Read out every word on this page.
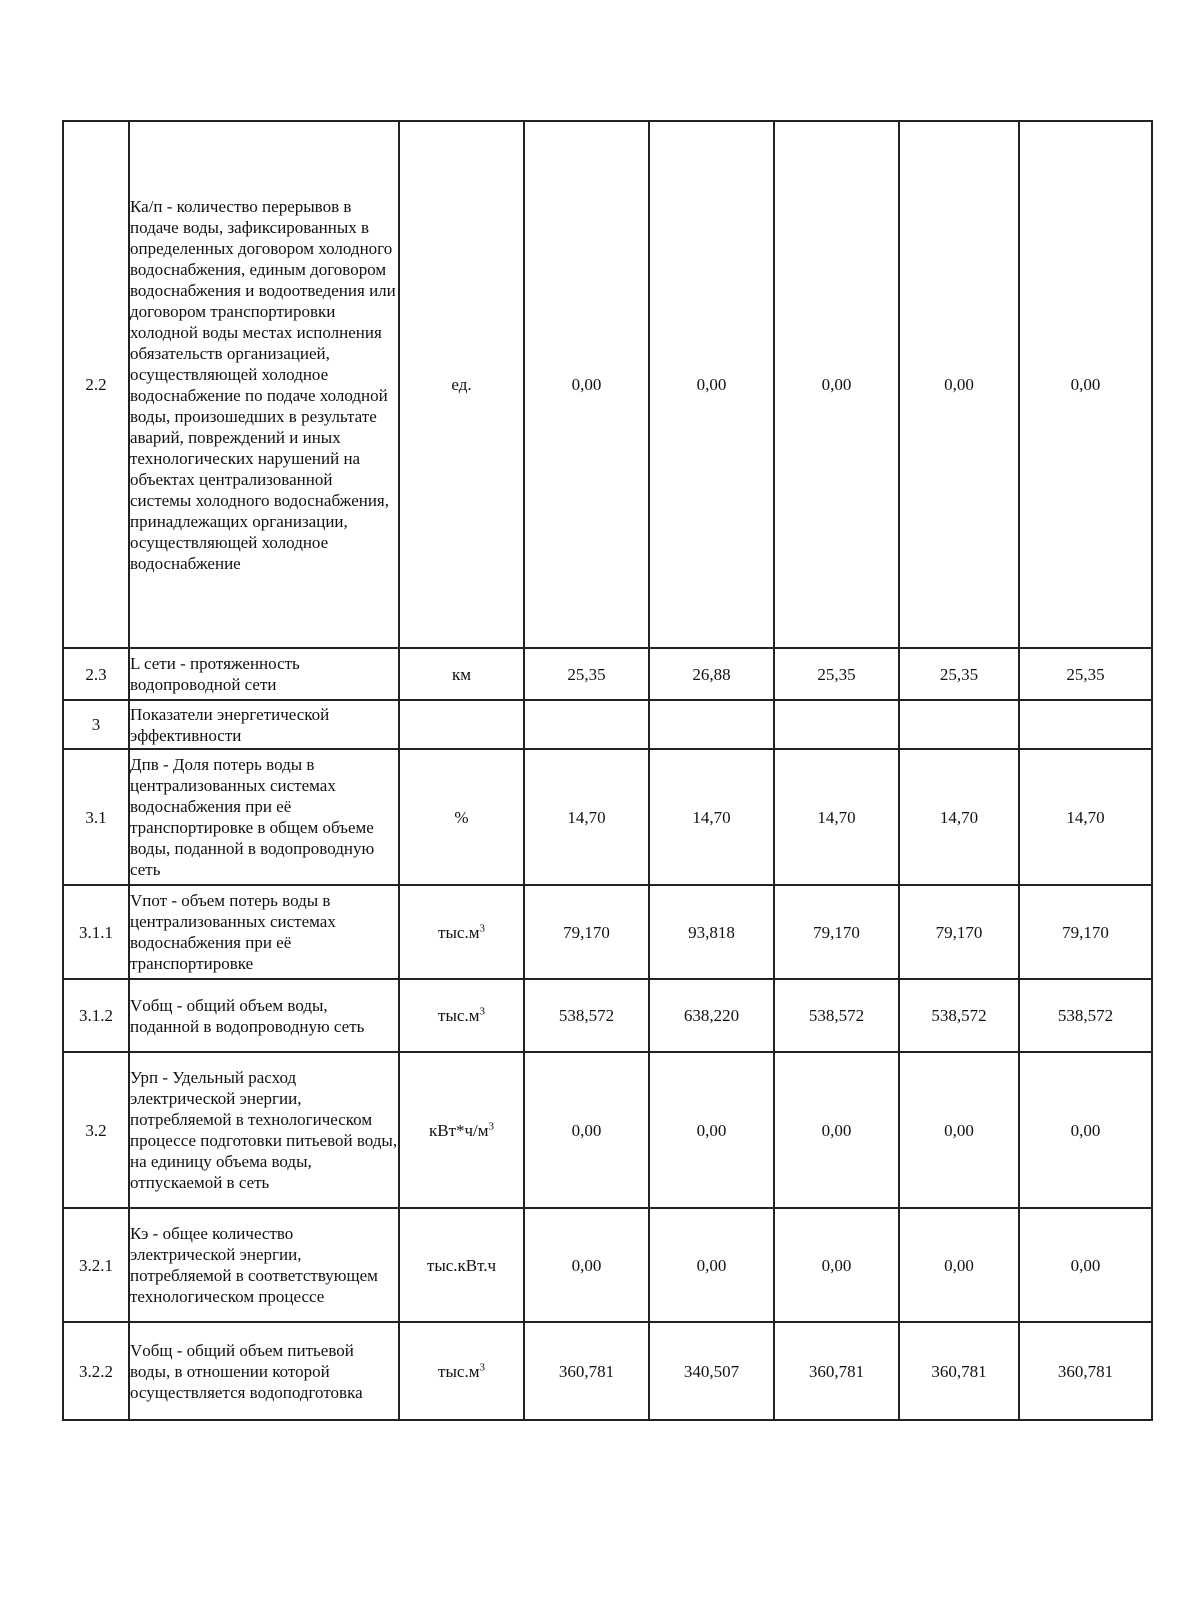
2.2	Ка/п - количество перерывов в подаче воды, зафиксированных в определенных договором холодного водоснабжения, единым договором водоснабжения и водоотведения или договором транспортировки холодной воды местах исполнения обязательств организацией, осуществляющей холодное водоснабжение по подаче холодной воды, произошедших в результате аварий, повреждений и иных технологических нарушений на объектах централизованной системы холодного водоснабжения, принадлежащих организации, осуществляющей холодное водоснабжение	ед.	0,00	0,00	0,00	0,00	0,00
2.3	L сети - протяженность водопроводной сети	км	25,35	26,88	25,35	25,35	25,35
3	Показатели энергетической эффективности						
3.1	Дпв - Доля потерь воды в централизованных системах водоснабжения при её транспортировке в общем объеме воды, поданной в водопроводную сеть	%	14,70	14,70	14,70	14,70	14,70
3.1.1	Vпот - объем потерь воды в централизованных системах водоснабжения при её транспортировке	$тыс.м^3$	79,170	93,818	79,170	79,170	79,170
3.1.2	Vобщ - общий объем воды, поданной в водопроводную сеть	$тыс.м^3$	538,572	638,220	538,572	538,572	538,572
3.2	Урп - Удельный расход электрической энергии, потребляемой в технологическом процессе подготовки питьевой воды, на единицу объема воды, отпускаемой в сеть	$кВт*ч/м^3$	0,00	0,00	0,00	0,00	0,00
3.2.1	Кэ - общее количество электрической энергии, потребляемой в соответствующем технологическом процессе	тыс.кВт.ч	0,00	0,00	0,00	0,00	0,00
3.2.2	Vобщ - общий объем питьевой воды, в отношении которой осуществляется водоподготовка	$тыс.м^3$	360,781	340,507	360,781	360,781	360,781
